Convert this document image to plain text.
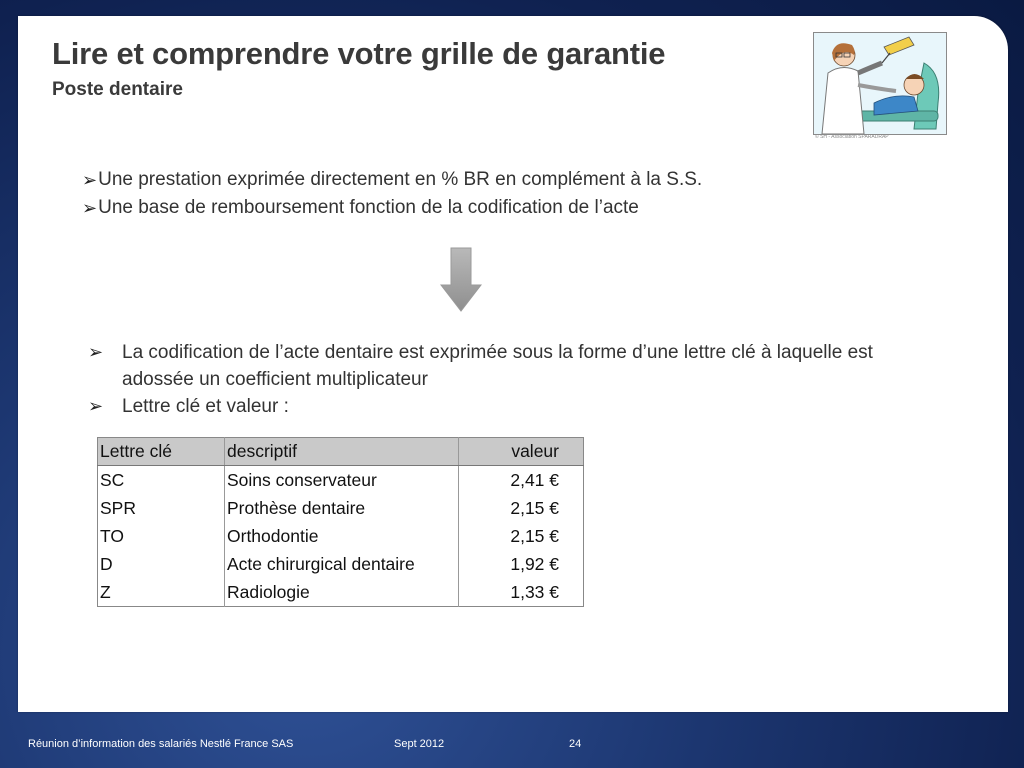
Lire et comprendre votre grille de garantie
Poste dentaire
© SH - Association SPARADRAP
➢ Une prestation exprimée directement en % BR en complément à la S.S.
➢ Une base de remboursement fonction de la codification de l’acte
➢ La codification de l’acte dentaire est exprimée sous la forme d’une lettre clé à laquelle est adossée un coefficient multiplicateur
➢ Lettre clé et valeur :
Lettre clé	descriptif	valeur
SC	Soins conservateur	2,41 €
SPR	Prothèse dentaire	2,15 €
TO	Orthodontie	2,15 €
D	Acte chirurgical dentaire	1,92 €
Z	Radiologie	1,33 €
Réunion d’information des salariés Nestlé France SAS	Sept 2012	24
